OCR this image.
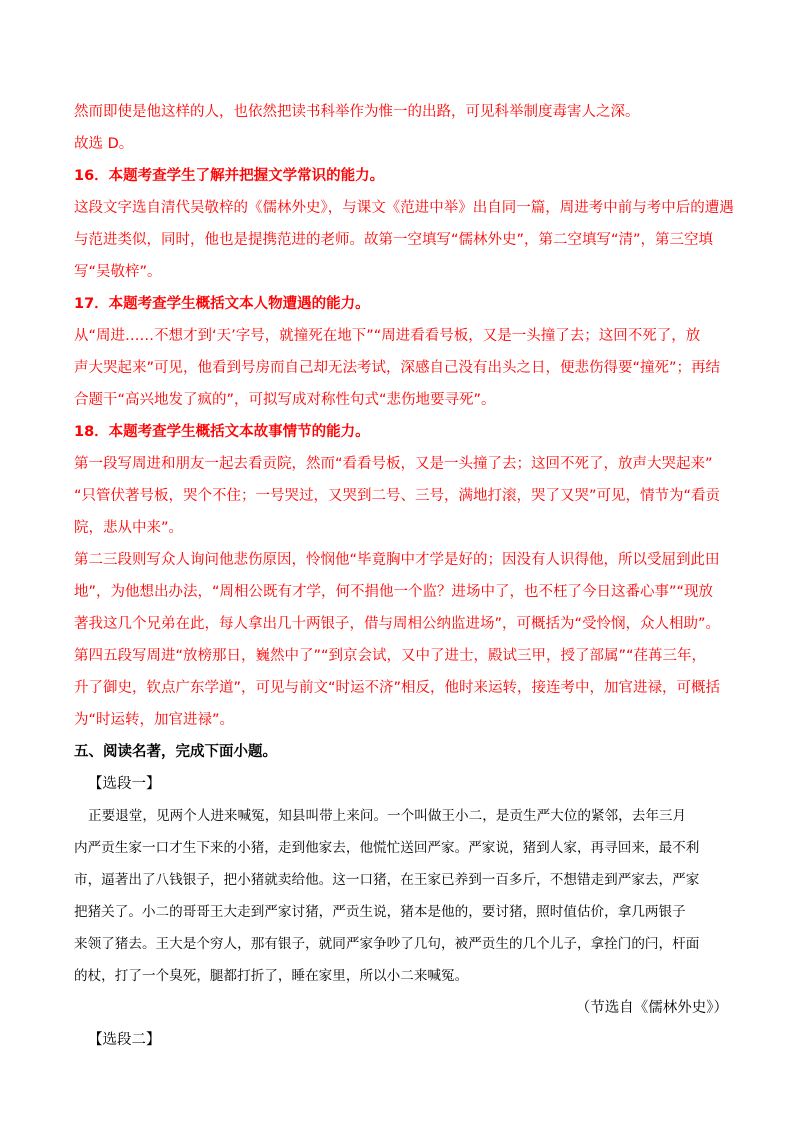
然而即使是他这样的人，也依然把读书科举作为惟一的出路，可见科举制度毒害人之深。
故选 D。
16．本题考查学生了解并把握文学常识的能力。
这段文字选自清代吴敬梓的《儒林外史》，与课文《范进中举》出自同一篇，周进考中前与考中后的遭遇
与范进类似，同时，他也是提携范进的老师。故第一空填写“儒林外史”，第二空填写“清”，第三空填
写“吴敬梓”。
17．本题考查学生概括文本人物遭遇的能力。
从“周进……不想才到‘天’字号，就撞死在地下”“周进看看号板，又是一头撞了去；这回不死了，放
声大哭起来”可见，他看到号房而自己却无法考试，深感自己没有出头之日，便悲伤得要“撞死”；再结
合题干“高兴地发了疯的”，可拟写成对称性句式“悲伤地要寻死”。
18．本题考查学生概括文本故事情节的能力。
第一段写周进和朋友一起去看贡院，然而“看看号板，又是一头撞了去；这回不死了，放声大哭起来”
“只管伏著号板，哭个不住；一号哭过，又哭到二号、三号，满地打滚，哭了又哭”可见，情节为“看贡
院，悲从中来”。
第二三段则写众人询问他悲伤原因，怜悯他“毕竟胸中才学是好的；因没有人识得他，所以受屈到此田
地”，为他想出办法，“周相公既有才学，何不捐他一个监？进场中了，也不枉了今日这番心事”“现放
著我这几个兄弟在此，每人拿出几十两银子，借与周相公纳监进场”，可概括为“受怜悯，众人相助”。
第四五段写周进“放榜那日，巍然中了”“到京会试，又中了进士，殿试三甲，授了部属”“荏苒三年，
升了御史，钦点广东学道”，可见与前文“时运不济”相反，他时来运转，接连考中，加官进禄，可概括
为“时运转，加官进禄”。
五、阅读名著，完成下面小题。
【选段一】
正要退堂，见两个人进来喊冤，知县叫带上来问。一个叫做王小二，是贡生严大位的紧邻，去年三月
内严贡生家一口才生下来的小猪，走到他家去，他慌忙送回严家。严家说，猪到人家，再寻回来，最不利
市，逼著出了八钱银子，把小猪就卖给他。这一口猪，在王家已养到一百多斤，不想错走到严家去，严家
把猪关了。小二的哥哥王大走到严家讨猪，严贡生说，猪本是他的，要讨猪，照时值估价，拿几两银子
来领了猪去。王大是个穷人，那有银子，就同严家争吵了几句，被严贡生的几个儿子，拿拴门的闩，杆面
的杖，打了一个臭死，腿都打折了，睡在家里，所以小二来喊冤。
（节选自《儒林外史》）
【选段二】
